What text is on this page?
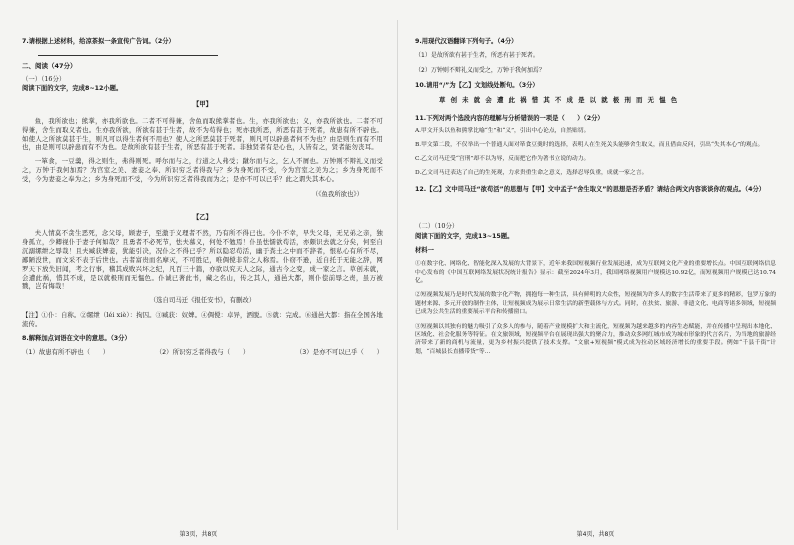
7.请根据上述材料，给凉茶拟一条宣传广告词。（2分）

二、阅读（47分）

（一）（16分）

阅读下面的文字，完成8~12小题。

【甲】

鱼，我所欲也；熊掌，亦我所欲也。二者不可得兼，舍鱼而取熊掌者也。生，亦我所欲也；义，亦我所欲也。二者不可得兼，舍生而取义者也。生亦我所欲，所欲有甚于生者，故不为苟得也；死亦我所恶，所恶有甚于死者，故患有所不辟也。如使人之所欲莫甚于生，则凡可以得生者何不用也？使人之所恶莫甚于死者，则凡可以辟患者何不为也？由是则生而有不用也，由是则可以辟患而有不为也。是故所欲有甚于生者，所恶有甚于死者。非独贤者有是心也，人皆有之，贤者能勿丧耳。

一箪食，一豆羹，得之则生，弗得则死。呼尔而与之，行道之人弗受；蹴尔而与之，乞人不屑也。万钟则不辩礼义而受之，万钟于我何加焉？为宫室之美、妻妾之奉、所识穷乏者得我与？乡为身死而不受，今为宫室之美为之；乡为身死而不受，今为妻妾之奉为之；乡为身死而不受，今为所识穷乏者得我而为之；是亦不可以已乎？此之谓失其本心。

（《鱼我所欲也》）

【乙】

夫人情莫不贪生恶死，念父母，顾妻子，至激于义理者不然，乃有所不得已也。今仆不幸，早失父母，无兄弟之亲，独身孤立，少卿视仆于妻子何如哉？且勇者不必死节，怯夫慕义，何处不勉焉！仆虽怯懦欲苟活，亦颇识去就之分矣，何至自沉溺缧绁之辱哉！且夫臧获婢妾，犹能引决，况仆之不得已乎？所以隐忍苟活，幽于粪土之中而不辞者，恨私心有所不尽，鄙陋没世，而文采不表于后世也。古者富贵而名摩灭，不可胜记，唯倜傥非常之人称焉。仆窃不逊，近自托于无能之辞，网罗天下放失旧闻，考之行事，稽其成败兴坏之纪，凡百三十篇，亦欲以究天人之际，通古今之变，成一家之言。草创未就，会遭此祸，惜其不成，是以就极刑而无愠色。仆诚已著此书，藏之名山，传之其人，通邑大都，则仆偿前辱之责，虽万被戮，岂有悔哉！

（选自司马迁《报任安书》，有删改）

【注】①仆：自称。②缧绁（léi xiè）：拘囚。③臧获：奴婢。④倜傥：卓异，洒脱。⑤就：完成。⑥通邑大都：指在全国各地流传。

8.解释加点词语在文中的意思。（3分）

（1）故患有所不辟也（　　）	（2）所识穷乏者得我与（　　）	（3）是亦不可以已乎（　　）
第3页，共8页

9.用现代汉语翻译下列句子。（4分）

（1）是故所欲有甚于生者，所恶有甚于死者。

（2）万钟则不辩礼义而受之，万钟于我何加焉？

10.请用“/”为【乙】文划线处断句。（3分）

草创未就会遭此祸惜其不成是以就极刑而无愠色

11.下列对两个选段内容的理解与分析错误的一项是（　　）（2分）

A.甲文开头以鱼和熊掌比喻“生”和“义”，引出中心论点，自然贴切。

B.甲文第二段，不仅举出一个普通人面对箪食豆羹时的选择，表明人在生死关头能够舍生取义，而且借由反问，引出“失其本心”的观点。

C.乙文司马迁受“宫刑”却不以为辱，反而把它作为著书立说的动力。

D.乙文司马迁表达了自己的生死观，力求贵重生命之意义，选择忍辱负重，成就一家之言。

12.【乙】文中司马迁“欲苟活”的思想与【甲】文中孟子“舍生取义”的思想是否矛盾？请结合两文内容谈谈你的观点。（4分）

（二）（10分）

阅读下面的文字，完成13~15题。

材料一

①在数字化、网络化、智能化深入发展的大背景下，近年来我国短视频行业发展迅速，成为互联网文化产业的重要增长点。中国互联网络信息中心发布的《中国互联网络发展状况统计报告》显示：截至2024年3月，我国网络视频用户规模达10.92亿，而短视频用户规模已达10.74亿。

②短视频发展乃是时代发展的数字化产物，拥抱每一种生活，具有鲜明的大众性，短视频为许多人的数字生活带来了更多的精彩，包罗万象的题材来源、多元开放的制作主体，让短视频成为展示日常生活的新型载体与方式。同时，在扶贫、旅游、非遗文化、电商等诸多领域，短视频已成为公共生活的重要展示平台和传播窗口。

③短视频以其独有的魅力吸引了众多人的参与，随着产业规模扩大和主流化，短视频为越来越多的内容生态赋能，并在传播中呈现出本地化、区域化、社会化服务等特征。在文旅领域，短视频平台在展现出强大的聚合力，推动众多网红城市成为城市形象的代言名片，为当地的旅游经济带来了新的商机与流量，更为乡村振兴提供了技术支撑。“文旅+短视频”模式成为拉动区域经济增长的重要手段。例如“千县千街”计划，“百城县长直播带货”等…

第4页，共8页
